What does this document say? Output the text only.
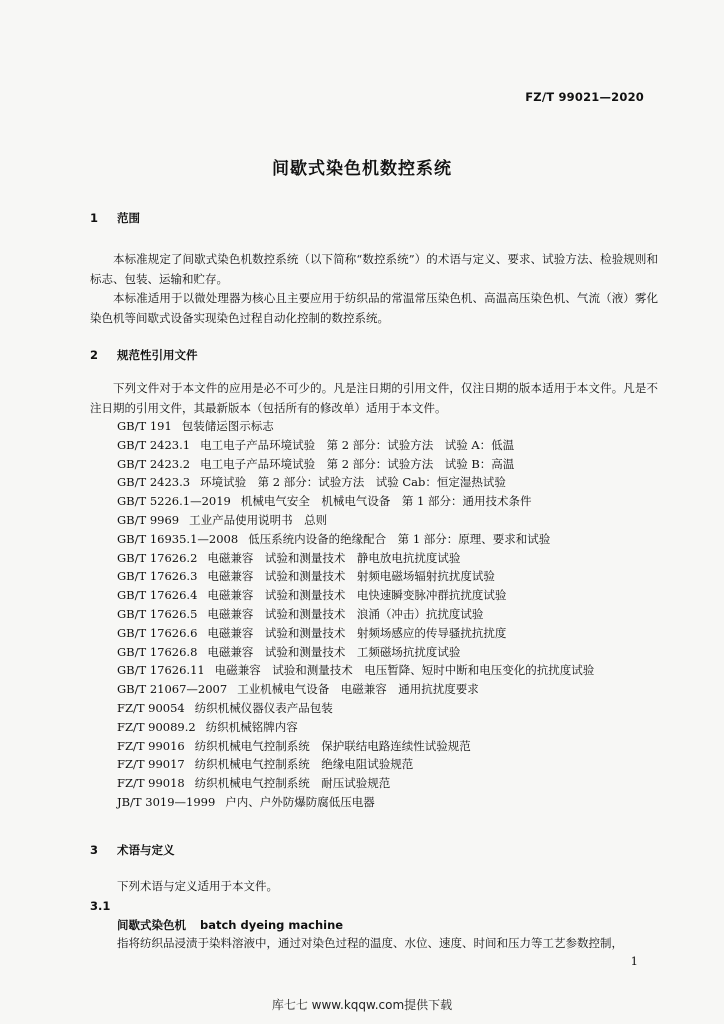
FZ/T 99021—2020
间歇式染色机数控系统
1 范围
本标准规定了间歇式染色机数控系统（以下简称“数控系统”）的术语与定义、要求、试验方法、检验规则和标志、包装、运输和贮存。
本标准适用于以微处理器为核心且主要应用于纺织品的常温常压染色机、高温高压染色机、气流（液）雾化染色机等间歇式设备实现染色过程自动化控制的数控系统。
2 规范性引用文件
下列文件对于本文件的应用是必不可少的。凡是注日期的引用文件，仅注日期的版本适用于本文件。凡是不注日期的引用文件，其最新版本（包括所有的修改单）适用于本文件。
GB/T 191 包装储运图示标志
GB/T 2423.1 电工电子产品环境试验　第 2 部分：试验方法　试验 A：低温
GB/T 2423.2 电工电子产品环境试验　第 2 部分：试验方法　试验 B：高温
GB/T 2423.3 环境试验　第 2 部分：试验方法　试验 Cab：恒定湿热试验
GB/T 5226.1—2019 机械电气安全　机械电气设备　第 1 部分：通用技术条件
GB/T 9969 工业产品使用说明书　总则
GB/T 16935.1—2008 低压系统内设备的绝缘配合　第 1 部分：原理、要求和试验
GB/T 17626.2 电磁兼容　试验和测量技术　静电放电抗扰度试验
GB/T 17626.3 电磁兼容　试验和测量技术　射频电磁场辐射抗扰度试验
GB/T 17626.4 电磁兼容　试验和测量技术　电快速瞬变脉冲群抗扰度试验
GB/T 17626.5 电磁兼容　试验和测量技术　浪涌（冲击）抗扰度试验
GB/T 17626.6 电磁兼容　试验和测量技术　射频场感应的传导骚扰抗扰度
GB/T 17626.8 电磁兼容　试验和测量技术　工频磁场抗扰度试验
GB/T 17626.11 电磁兼容　试验和测量技术　电压暂降、短时中断和电压变化的抗扰度试验
GB/T 21067—2007 工业机械电气设备　电磁兼容　通用抗扰度要求
FZ/T 90054 纺织机械仪器仪表产品包装
FZ/T 90089.2 纺织机械铭牌内容
FZ/T 99016 纺织机械电气控制系统　保护联结电路连续性试验规范
FZ/T 99017 纺织机械电气控制系统　绝缘电阻试验规范
FZ/T 99018 纺织机械电气控制系统　耐压试验规范
JB/T 3019—1999 户内、户外防爆防腐低压电器
3 术语与定义
下列术语与定义适用于本文件。
3.1
间歇式染色机 batch dyeing machine
指将纺织品浸渍于染料溶液中，通过对染色过程的温度、水位、速度、时间和压力等工艺参数控制，
1
库七七 www.kqqw.com提供下载
